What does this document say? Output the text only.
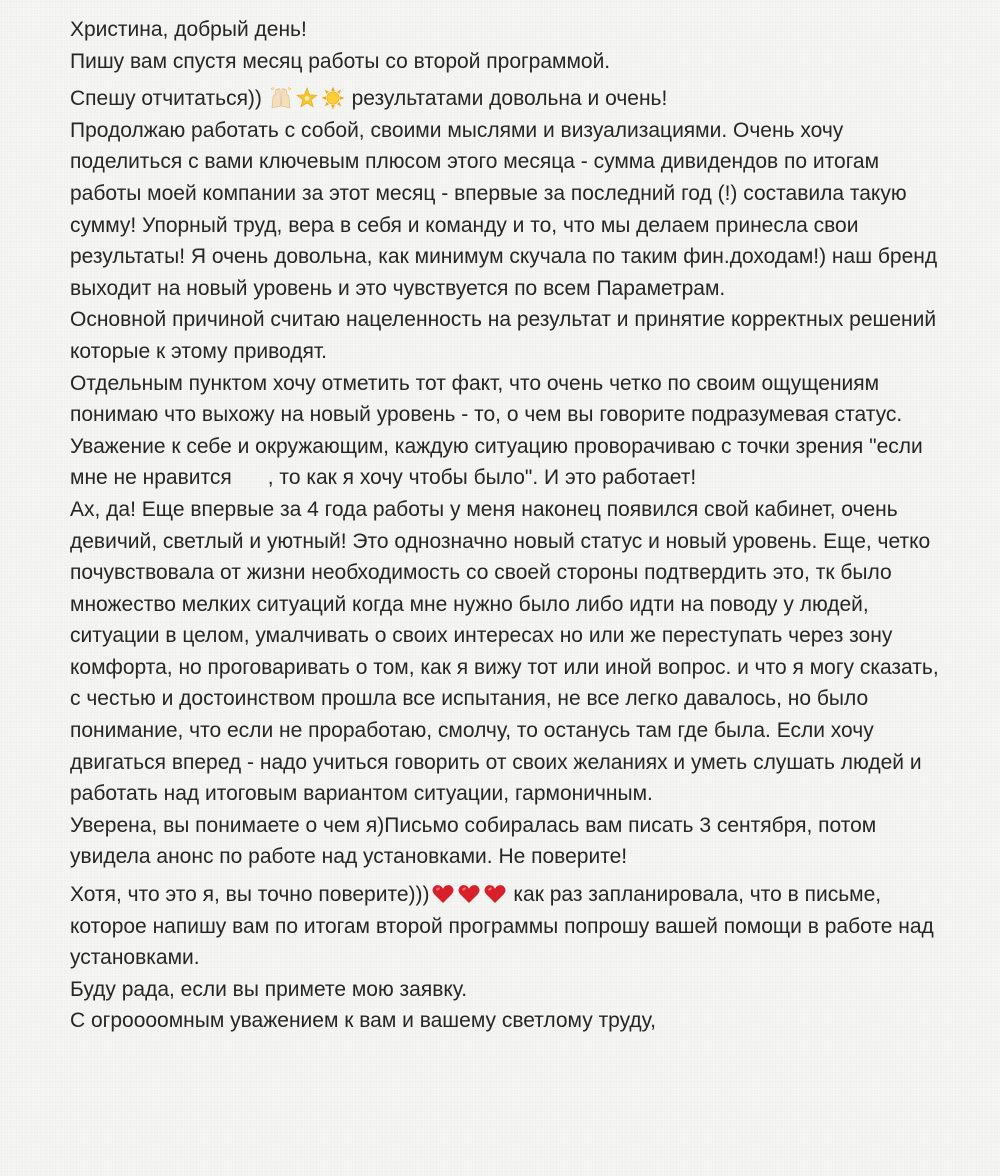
Христина, добрый день!
Пишу вам спустя месяц работы со второй программой.
Спешу отчитаться))	результатами довольна и очень!
Продолжаю работать с собой, своими мыслями и визуализациями. Очень хочу поделиться с вами ключевым плюсом этого месяца - сумма дивидендов по итогам работы моей компании за этот месяц - впервые за последний год (!) составила такую сумму! Упорный труд, вера в себя и команду и то, что мы делаем принесла свои результаты! Я очень довольна, как минимум скучала по таким фин.доходам!) наш бренд выходит на новый уровень и это чувствуется по всем Параметрам.
Основной причиной считаю нацеленность на результат и принятие корректных решений которые к этому приводят.
Отдельным пунктом хочу отметить тот факт, что очень четко по своим ощущениям понимаю что выхожу на новый уровень - то, о чем вы говорите подразумевая статус. Уважение к себе и окружающим, каждую ситуацию проворачиваю с точки зрения "если мне не нравится , то как я хочу чтобы было". И это работает!
Ах, да! Еще впервые за 4 года работы у меня наконец появился свой кабинет, очень девичий, светлый и уютный! Это однозначно новый статус и новый уровень. Еще, четко почувствовала от жизни необходимость со своей стороны подтвердить это, тк было множество мелких ситуаций когда мне нужно было либо идти на поводу у людей, ситуации в целом, умалчивать о своих интересах но или же переступать через зону комфорта, но проговаривать о том, как я вижу тот или иной вопрос. и что я могу сказать, с честью и достоинством прошла все испытания, не все легко давалось, но было понимание, что если не проработаю, смолчу, то останусь там где была. Если хочу двигаться вперед - надо учиться говорить от своих желаниях и уметь слушать людей и работать над итоговым вариантом ситуации, гармоничным.
Уверена, вы понимаете о чем я)Письмо собиралась вам писать 3 сентября, потом увидела анонс по работе над установками. Не поверите!
Хотя, что это я, вы точно поверите)))	как раз запланировала, что в письме, которое напишу вам по итогам второй программы попрошу вашей помощи в работе над установками.
Буду рада, если вы примете мою заявку.
С огроооомным уважением к вам и вашему светлому труду,
